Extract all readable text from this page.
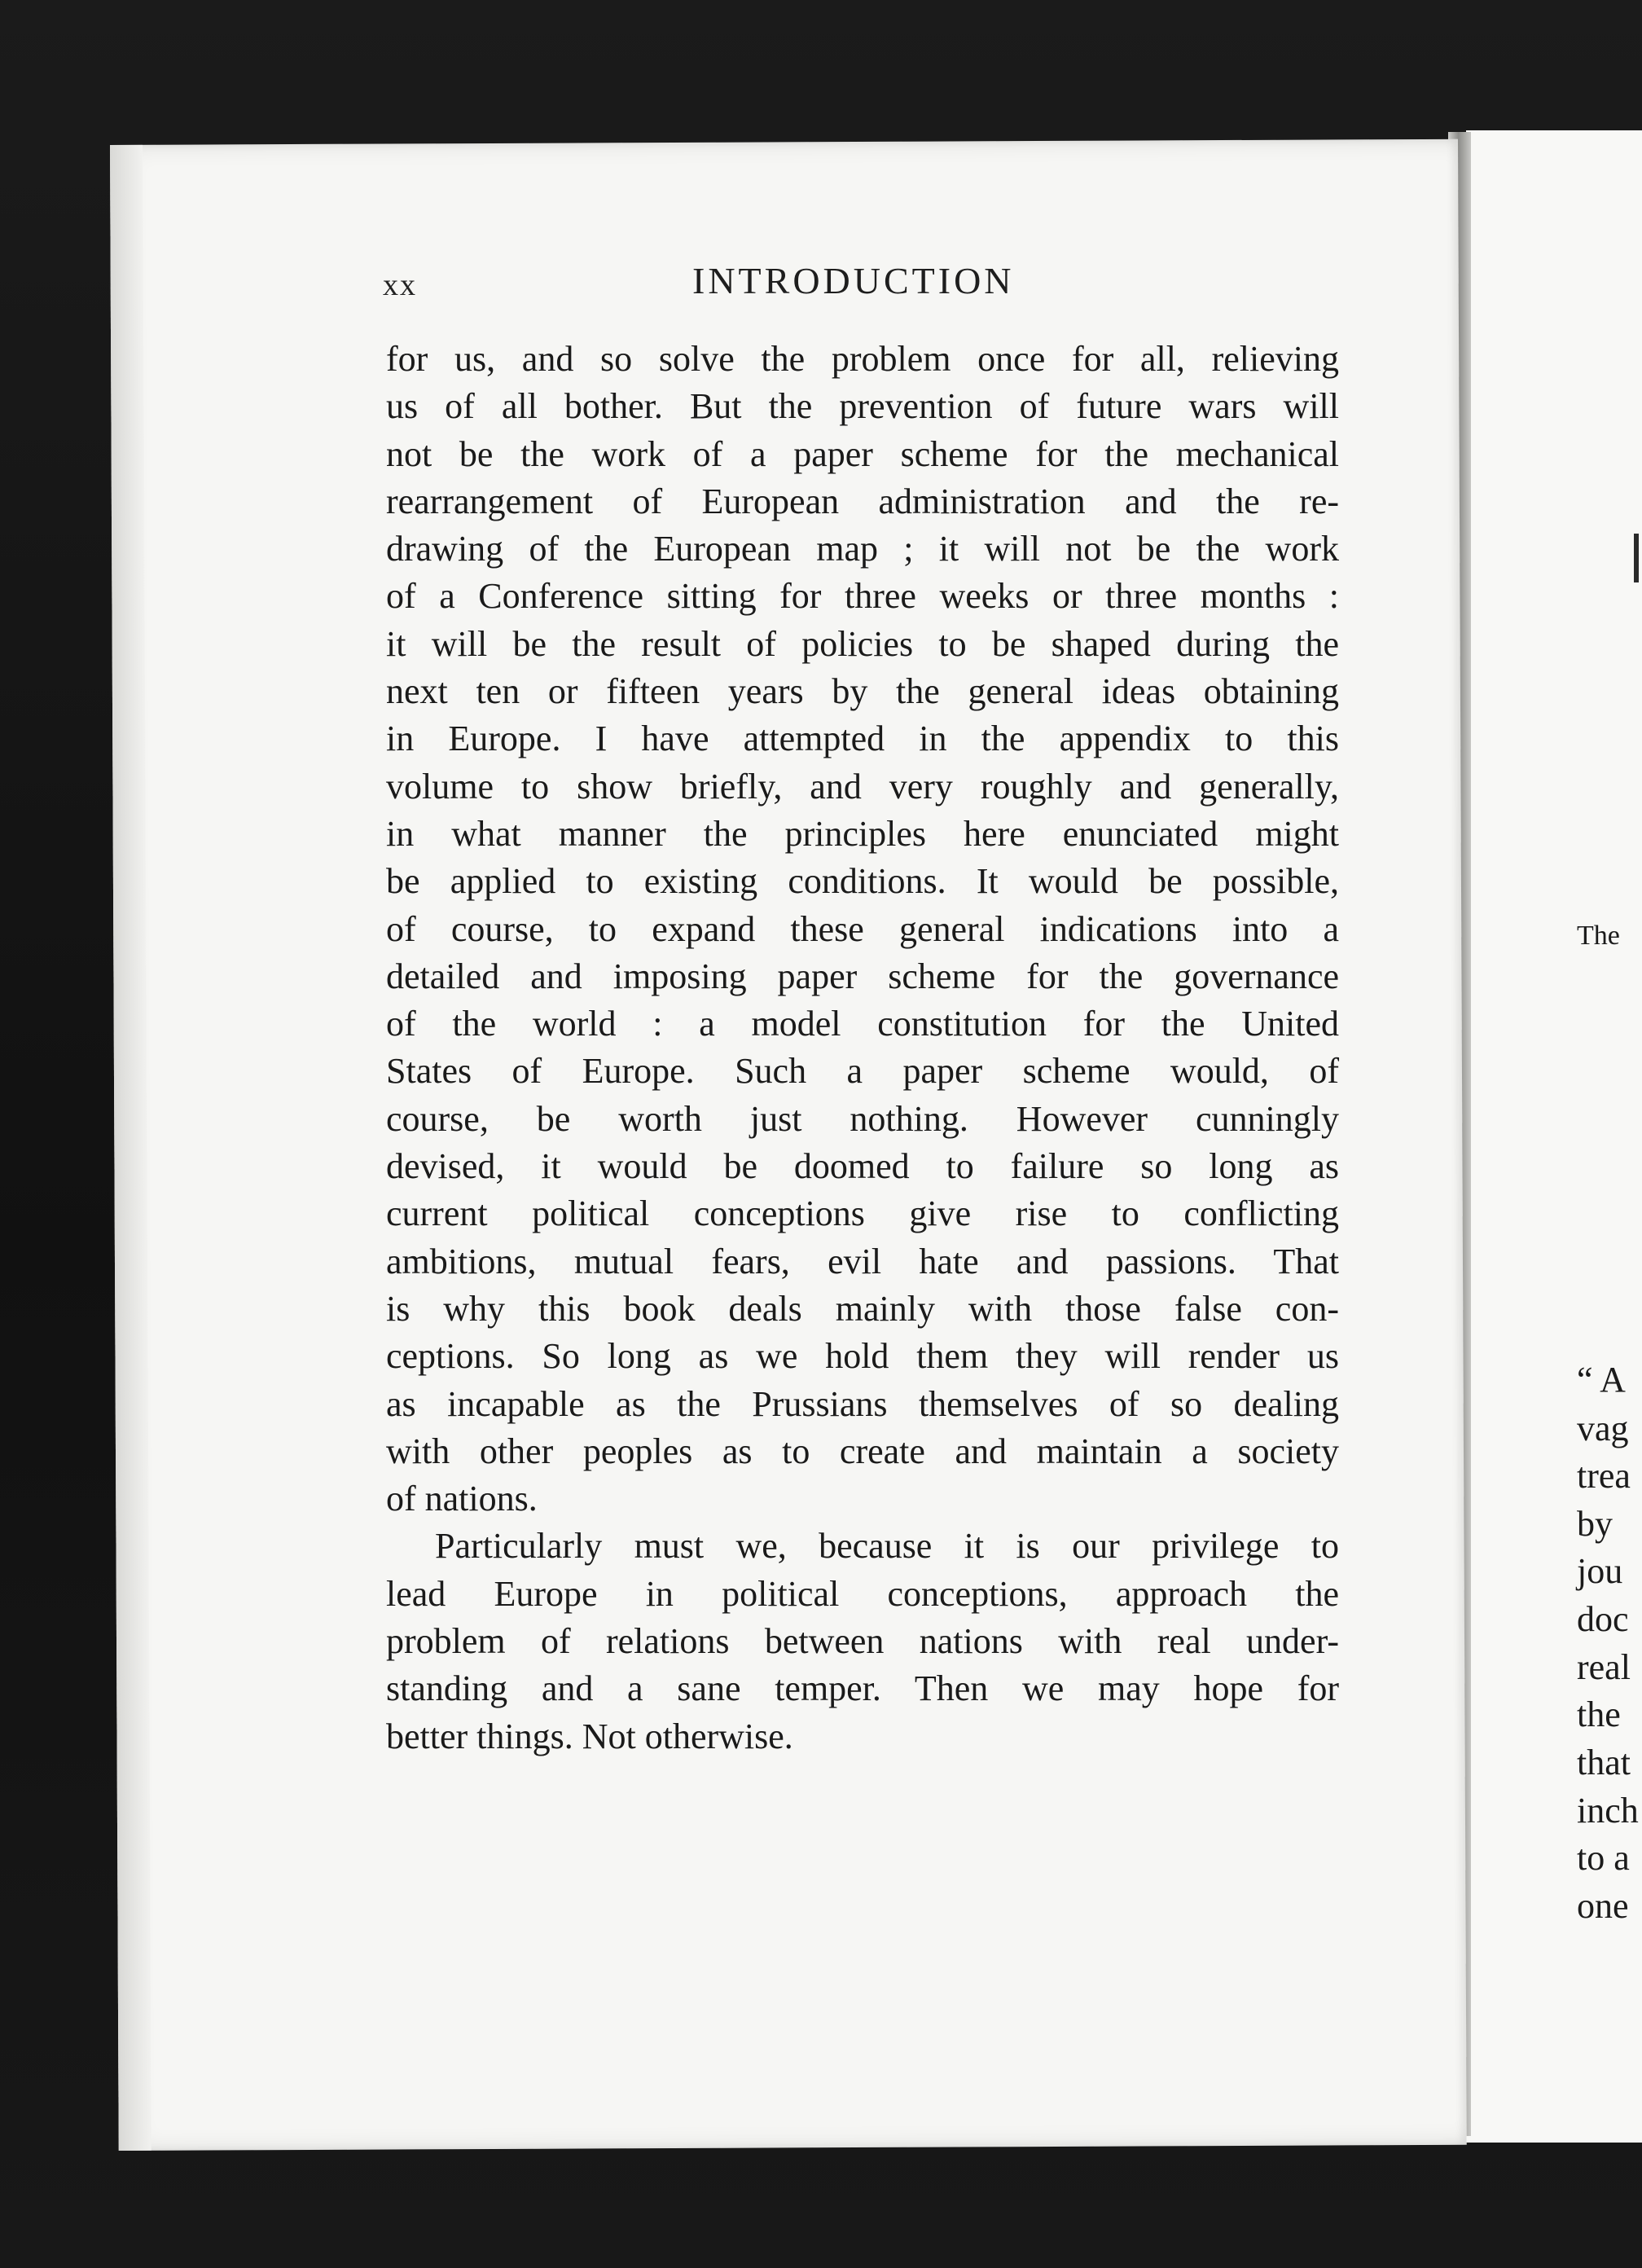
xx	INTRODUCTION
for us, and so solve the problem once for all, relieving
us of all bother. But the prevention of future wars will
not be the work of a paper scheme for the mechanical
rearrangement of European administration and the re-
drawing of the European map ; it will not be the work
of a Conference sitting for three weeks or three months :
it will be the result of policies to be shaped during the
next ten or fifteen years by the general ideas obtaining
in Europe. I have attempted in the appendix to this
volume to show briefly, and very roughly and generally,
in what manner the principles here enunciated might
be applied to existing conditions. It would be possible,
of course, to expand these general indications into a
detailed and imposing paper scheme for the governance
of the world : a model constitution for the United
States of Europe. Such a paper scheme would, of
course, be worth just nothing. However cunningly
devised, it would be doomed to failure so long as
current political conceptions give rise to conflicting
ambitions, mutual fears, evil hate and passions. That
is why this book deals mainly with those false con-
ceptions. So long as we hold them they will render us
as incapable as the Prussians themselves of so dealing
with other peoples as to create and maintain a society
of nations.
Particularly must we, because it is our privilege to
lead Europe in political conceptions, approach the
problem of relations between nations with real under-
standing and a sane temper. Then we may hope for
better things. Not otherwise.
The
“ A
vag
trea
by
jou
doc
real
the
that
inch
to a
one
